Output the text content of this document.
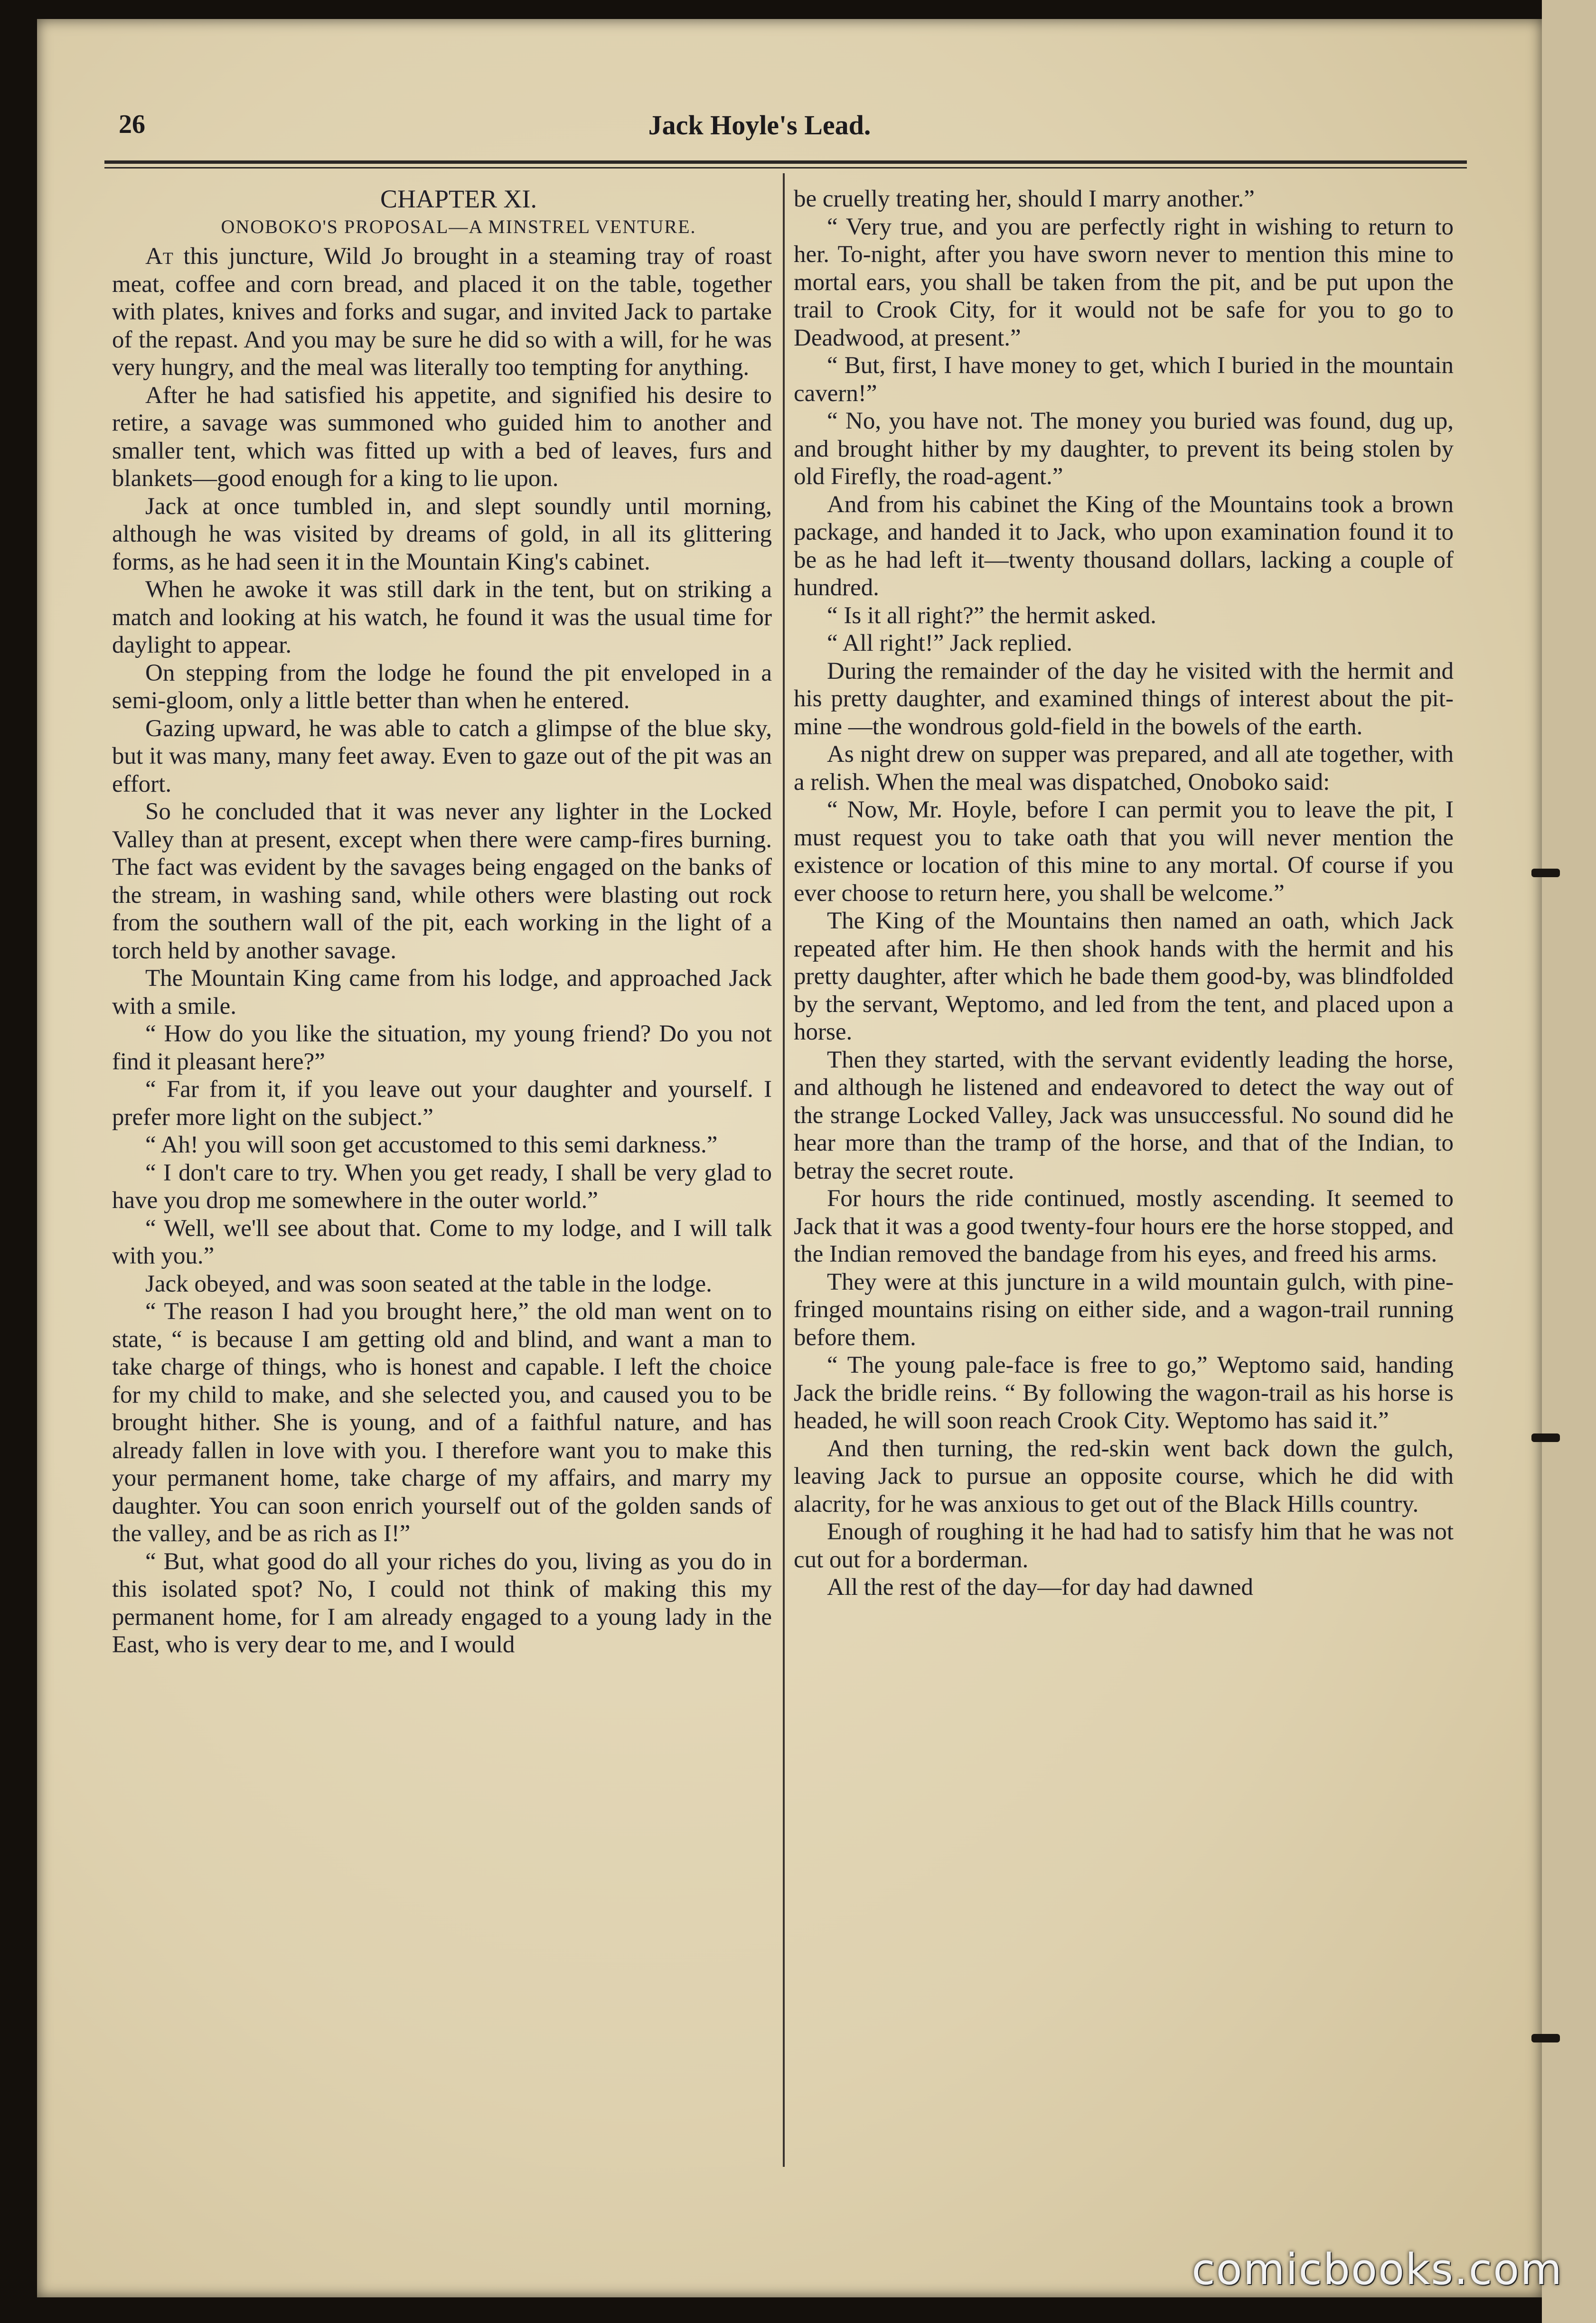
26	Jack Hoyle's Lead.

CHAPTER XI.

ONOBOKO'S PROPOSAL—A MINSTREL VENTURE.

At this juncture, Wild Jo brought in a steaming tray of roast meat, coffee and corn bread, and placed it on the table, together with plates, knives and forks and sugar, and invited Jack to partake of the repast. And you may be sure he did so with a will, for he was very hungry, and the meal was literally too tempting for anything.

After he had satisfied his appetite, and signified his desire to retire, a savage was summoned who guided him to another and smaller tent, which was fitted up with a bed of leaves, furs and blankets—good enough for a king to lie upon.

Jack at once tumbled in, and slept soundly until morning, although he was visited by dreams of gold, in all its glittering forms, as he had seen it in the Mountain King's cabinet.

When he awoke it was still dark in the tent, but on striking a match and looking at his watch, he found it was the usual time for daylight to appear.

On stepping from the lodge he found the pit enveloped in a semi-gloom, only a little better than when he entered.

Gazing upward, he was able to catch a glimpse of the blue sky, but it was many, many feet away. Even to gaze out of the pit was an effort.

So he concluded that it was never any lighter in the Locked Valley than at present, except when there were camp-fires burning. The fact was evident by the savages being engaged on the banks of the stream, in washing sand, while others were blasting out rock from the southern wall of the pit, each working in the light of a torch held by another savage.

The Mountain King came from his lodge, and approached Jack with a smile.

“ How do you like the situation, my young friend? Do you not find it pleasant here?”

“ Far from it, if you leave out your daughter and yourself. I prefer more light on the subject.”

“ Ah! you will soon get accustomed to this semi darkness.”

“ I don't care to try. When you get ready, I shall be very glad to have you drop me somewhere in the outer world.”

“ Well, we'll see about that. Come to my lodge, and I will talk with you.”

Jack obeyed, and was soon seated at the table in the lodge.

“ The reason I had you brought here,” the old man went on to state, “ is because I am getting old and blind, and want a man to take charge of things, who is honest and capable. I left the choice for my child to make, and she selected you, and caused you to be brought hither. She is young, and of a faithful nature, and has already fallen in love with you. I therefore want you to make this your permanent home, take charge of my affairs, and marry my daughter. You can soon enrich yourself out of the golden sands of the valley, and be as rich as I!”

“ But, what good do all your riches do you, living as you do in this isolated spot? No, I could not think of making this my permanent home, for I am already engaged to a young lady in the East, who is very dear to me, and I would

be cruelly treating her, should I marry another.”

“ Very true, and you are perfectly right in wishing to return to her. To-night, after you have sworn never to mention this mine to mortal ears, you shall be taken from the pit, and be put upon the trail to Crook City, for it would not be safe for you to go to Deadwood, at present.”

“ But, first, I have money to get, which I buried in the mountain cavern!”

“ No, you have not. The money you buried was found, dug up, and brought hither by my daughter, to prevent its being stolen by old Firefly, the road-agent.”

And from his cabinet the King of the Mountains took a brown package, and handed it to Jack, who upon examination found it to be as he had left it—twenty thousand dollars, lacking a couple of hundred.

“ Is it all right?” the hermit asked.

“ All right!” Jack replied.

During the remainder of the day he visited with the hermit and his pretty daughter, and examined things of interest about the pit-mine —the wondrous gold-field in the bowels of the earth.

As night drew on supper was prepared, and all ate together, with a relish. When the meal was dispatched, Onoboko said:

“ Now, Mr. Hoyle, before I can permit you to leave the pit, I must request you to take oath that you will never mention the existence or location of this mine to any mortal. Of course if you ever choose to return here, you shall be welcome.”

The King of the Mountains then named an oath, which Jack repeated after him. He then shook hands with the hermit and his pretty daughter, after which he bade them good-by, was blindfolded by the servant, Weptomo, and led from the tent, and placed upon a horse.

Then they started, with the servant evidently leading the horse, and although he listened and endeavored to detect the way out of the strange Locked Valley, Jack was unsuccessful. No sound did he hear more than the tramp of the horse, and that of the Indian, to betray the secret route.

For hours the ride continued, mostly ascending. It seemed to Jack that it was a good twenty-four hours ere the horse stopped, and the Indian removed the bandage from his eyes, and freed his arms.

They were at this juncture in a wild mountain gulch, with pine-fringed mountains rising on either side, and a wagon-trail running before them.

“ The young pale-face is free to go,” Weptomo said, handing Jack the bridle reins. “ By following the wagon-trail as his horse is headed, he will soon reach Crook City. Weptomo has said it.”

And then turning, the red-skin went back down the gulch, leaving Jack to pursue an opposite course, which he did with alacrity, for he was anxious to get out of the Black Hills country.

Enough of roughing it he had had to satisfy him that he was not cut out for a borderman.

All the rest of the day—for day had dawned

comicbooks.com
